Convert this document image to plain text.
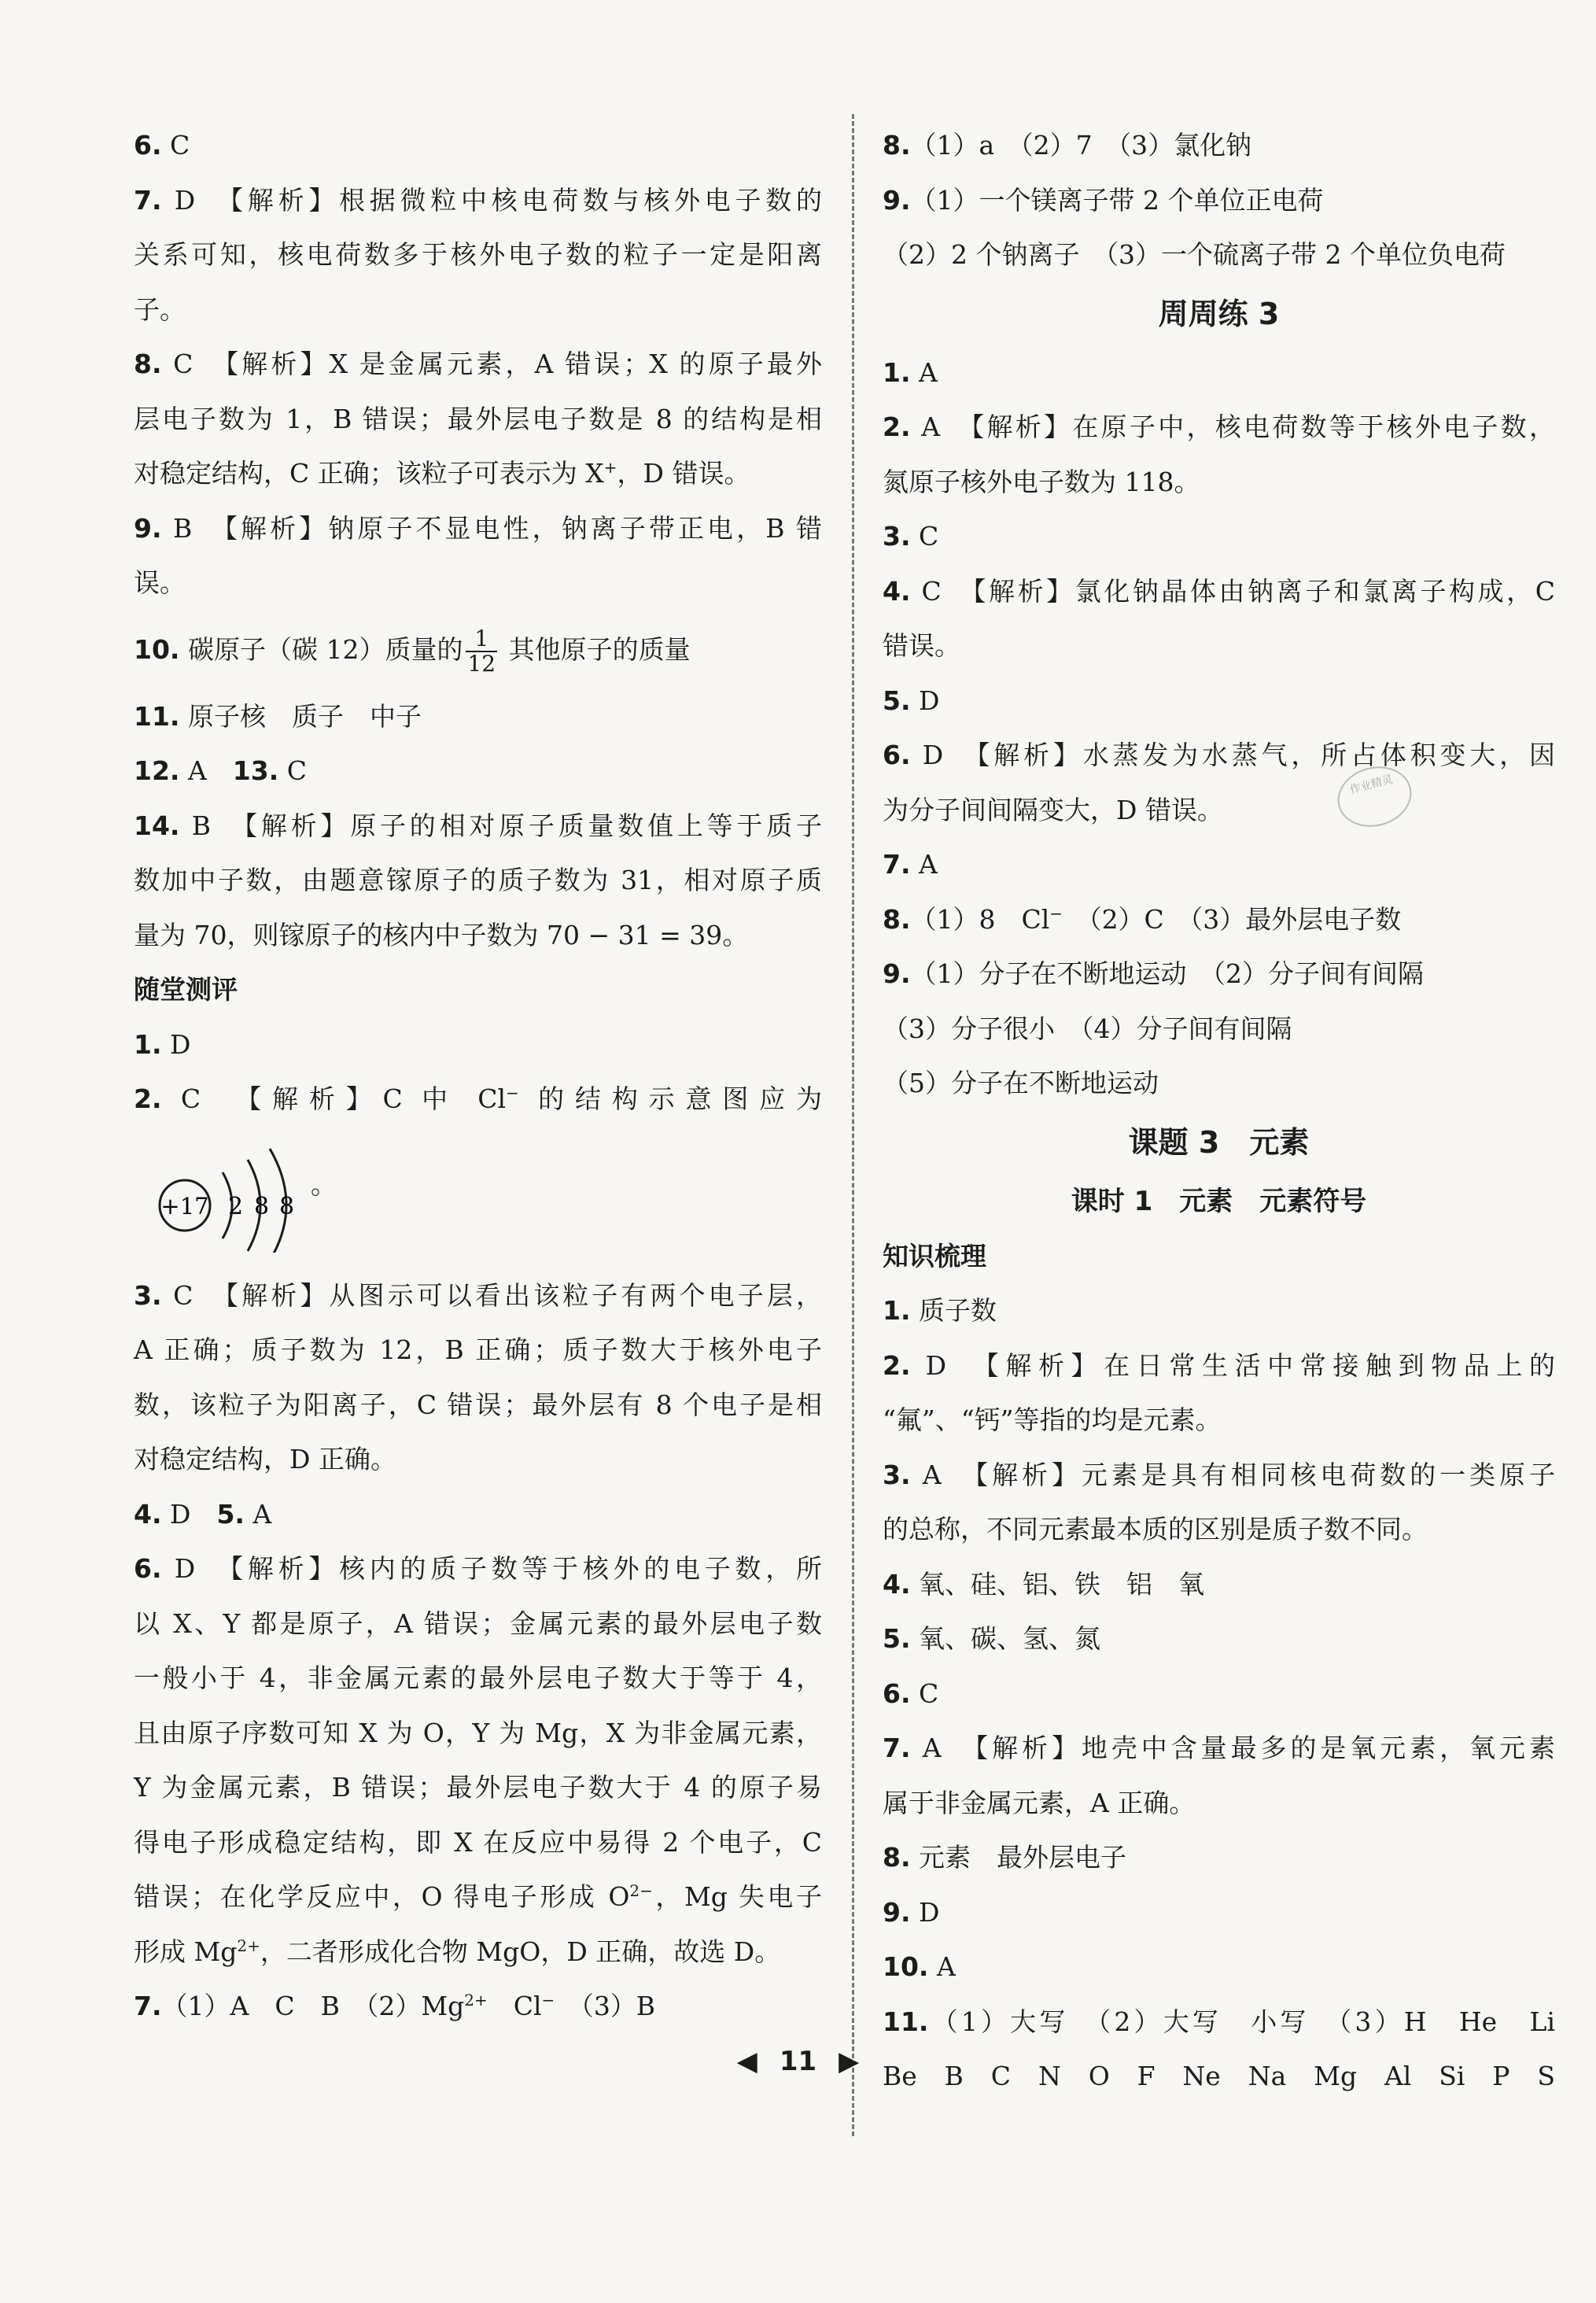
6. C
7. D　【解析】根据微粒中核电荷数与核外电子数的
关系可知，核电荷数多于核外电子数的粒子一定是阳离
子。
8. C　【解析】X 是金属元素，A 错误；X 的原子最外
层电子数为 1，B 错误；最外层电子数是 8 的结构是相
对稳定结构，C 正确；该粒子可表示为 X+，D 错误。
9. B　【解析】钠原子不显电性，钠离子带正电，B 错
误。
10. 碳原子（碳 12）质量的 $\frac{1}{12}$ 其他原子的质量
11. 原子核　质子　中子
12. A　13. C
14. B　【解析】原子的相对原子质量数值上等于质子
数加中子数，由题意镓原子的质子数为 31，相对原子质
量为 70，则镓原子的核内中子数为 70 − 31 = 39。
随堂测评
1. D
2. C　【解析】C 中 Cl− 的结构示意图应为
+17 2 8 8
。
3. C　【解析】从图示可以看出该粒子有两个电子层，
A 正确；质子数为 12，B 正确；质子数大于核外电子
数，该粒子为阳离子，C 错误；最外层有 8 个电子是相
对稳定结构，D 正确。
4. D　5. A
6. D　【解析】核内的质子数等于核外的电子数，所
以 X、Y 都是原子，A 错误；金属元素的最外层电子数
一般小于 4，非金属元素的最外层电子数大于等于 4，
且由原子序数可知 X 为 O，Y 为 Mg，X 为非金属元素，
Y 为金属元素，B 错误；最外层电子数大于 4 的原子易
得电子形成稳定结构，即 X 在反应中易得 2 个电子，C
错误；在化学反应中，O 得电子形成 $O^{2-}$，Mg 失电子
形成 $Mg^{2+}$，二者形成化合物 MgO，D 正确，故选 D。
7.（1）A　C　B　$(2)Mg^{2+}$　Cl−　（3）B
8.（1）a　（2）7　（3）氯化钠
9.（1）一个镁离子带 2 个单位正电荷
（2）2 个钠离子　（3）一个硫离子带 2 个单位负电荷
周周练 3
1. A
2. A　【解析】在原子中，核电荷数等于核外电子数，
氮原子核外电子数为 118。
3. C
4. C　【解析】氯化钠晶体由钠离子和氯离子构成，C
错误。
5. D
6. D　【解析】水蒸发为水蒸气，所占体积变大，因
为分子间间隔变大，D 错误。
7. A
8.（1）8　Cl−　（2）C　（3）最外层电子数
9.（1）分子在不断地运动　（2）分子间有间隔
（3）分子很小　（4）分子间有间隔
（5）分子在不断地运动
课题 3　元素
课时 1　元素　元素符号
知识梳理
1. 质子数
2. D　【解析】在日常生活中常接触到物品上的
“氟”、“钙”等指的均是元素。
3. A　【解析】元素是具有相同核电荷数的一类原子
的总称，不同元素最本质的区别是质子数不同。
4. 氧、硅、铝、铁　铝　氧
5. 氧、碳、氢、氮
6. C
7. A　【解析】地壳中含量最多的是氧元素，氧元素
属于非金属元素，A 正确。
8. 元素　最外层电子
9. D
10. A
11.（1）大写　（2）大写　小写　（3）H　He　Li
Be　B　C　N　O　F　Ne　Na　Mg　Al　Si　P　S
作业精灵
◀ 11 ▶
